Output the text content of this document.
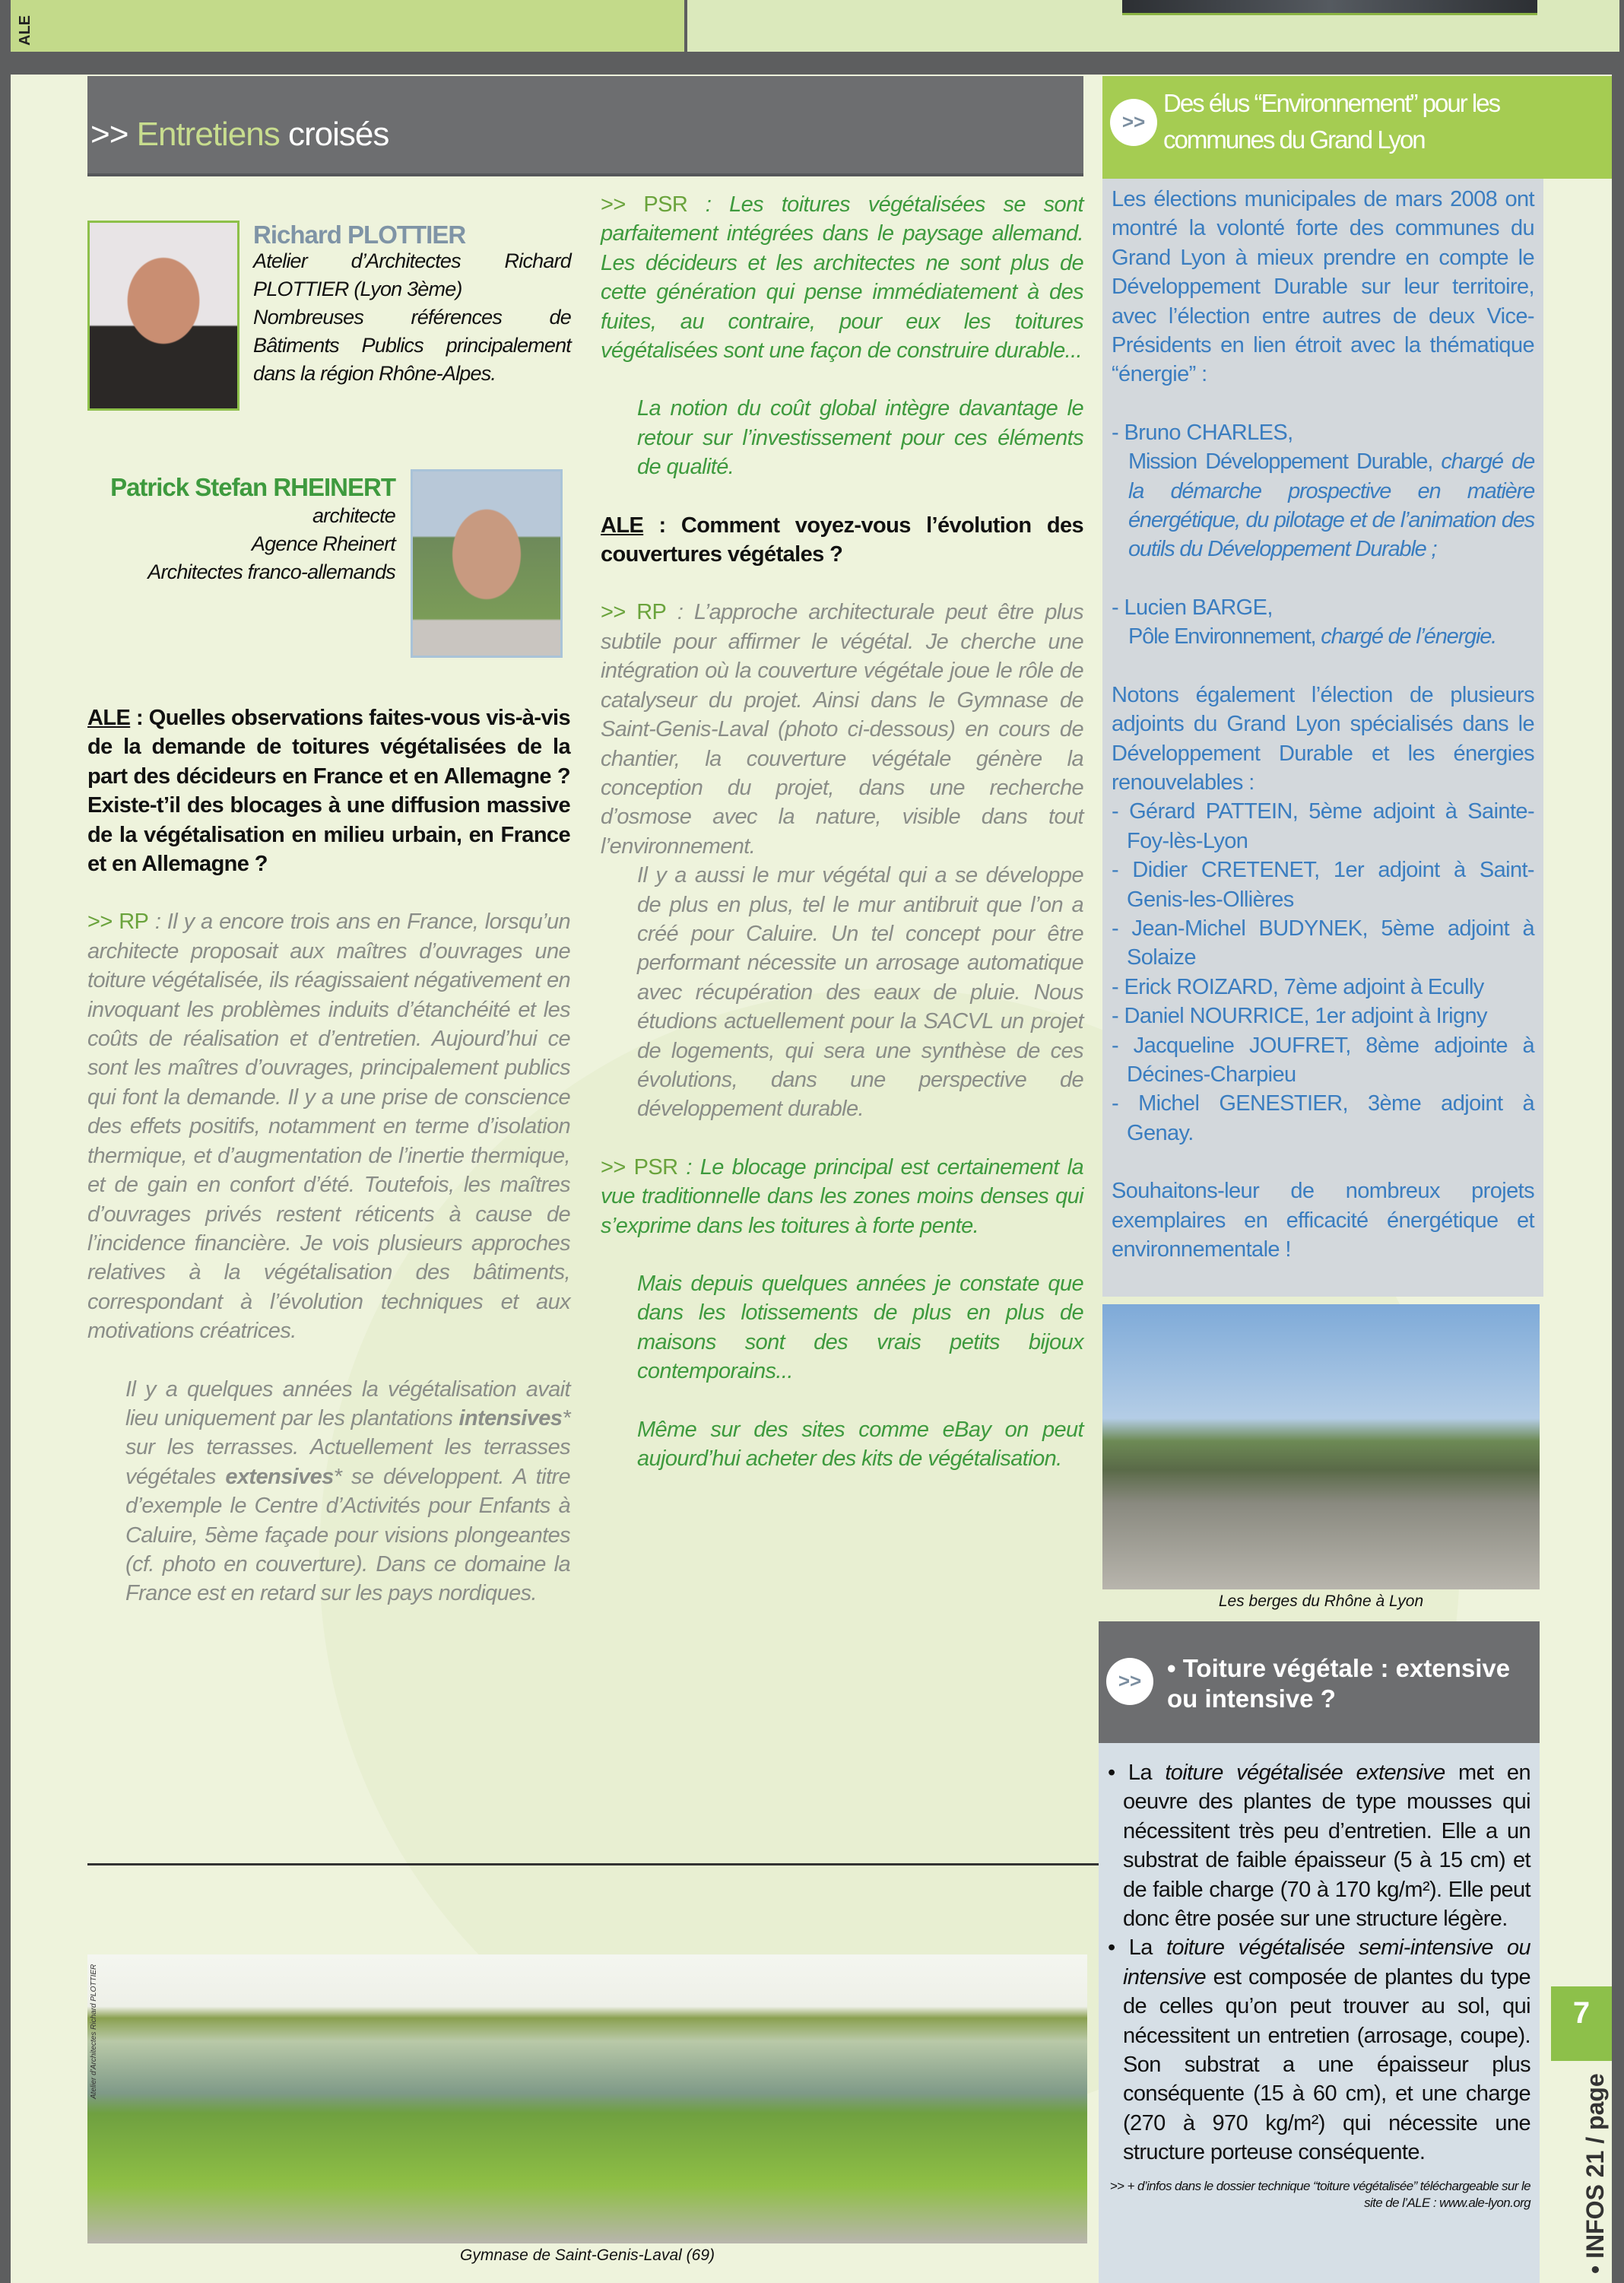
ALE
>> Entretiens croisés	>>
Des élus “Environnement” pour les communes du Grand Lyon
Richard PLOTTIER
Atelier d’Architectes Richard PLOTTIER (Lyon 3ème)
Nombreuses références de Bâtiments Publics principalement dans la région Rhône-Alpes.
Patrick Stefan RHEINERT
architecte
Agence Rheinert
Architectes franco-allemands

ALE : Quelles observations faites-vous vis-à-vis de la demande de toitures végétalisées de la part des décideurs en France et en Allemagne ? Existe-t’il des blocages à une diffusion massive de la végétalisation en milieu urbain, en France et en Allemagne ?

>> RP : Il y a encore trois ans en France, lorsqu’un architecte proposait aux maîtres d’ouvrages une toiture végétalisée, ils réagissaient négativement en invoquant les problèmes induits d’étanchéité et les coûts de réalisation et d’entretien. Aujourd’hui ce sont les maîtres d’ouvrages, principalement publics qui font la demande. Il y a une prise de conscience des effets positifs, notamment en terme d’isolation thermique, et d’augmentation de l’inertie thermique, et de gain en confort d’été. Toutefois, les maîtres d’ouvrages privés restent réticents à cause de l’incidence financière. Je vois plusieurs approches relatives à la végétalisation des bâtiments, correspondant à l’évolution techniques et aux motivations créatrices.

Il y a quelques années la végétalisation avait lieu uniquement par les plantations intensives* sur les terrasses. Actuellement les terrasses végétales extensives* se développent. A titre d’exemple le Centre d’Activités pour Enfants à Caluire, 5ème façade pour visions plongeantes (cf. photo en couverture). Dans ce domaine la France est en retard sur les pays nordiques.

>> PSR : Les toitures végétalisées se sont parfaitement intégrées dans le paysage allemand. Les décideurs et les architectes ne sont plus de cette génération qui pense immédiatement à des fuites, au contraire, pour eux les toitures végétalisées sont une façon de construire durable...

La notion du coût global intègre davantage le retour sur l’investissement pour ces éléments de qualité.

ALE : Comment voyez-vous l’évolution des couvertures végétales ?

>> RP : L’approche architecturale peut être plus subtile pour affirmer le végétal. Je cherche une intégration où la couverture végétale joue le rôle de catalyseur du projet. Ainsi dans le Gymnase de Saint-Genis-Laval (photo ci-dessous) en cours de chantier, la couverture végétale génère la conception du projet, dans une recherche d’osmose avec la nature, visible dans tout l’environnement.

Il y a aussi le mur végétal qui a se développe de plus en plus, tel le mur antibruit que l’on a créé pour Caluire. Un tel concept pour être performant nécessite un arrosage automatique avec récupération des eaux de pluie. Nous étudions actuellement pour la SACVL un projet de logements, qui sera une synthèse de ces évolutions, dans une perspective de développement durable.

>> PSR : Le blocage principal est certainement la vue traditionnelle dans les zones moins denses qui s’exprime dans les toitures à forte pente.

Mais depuis quelques années je constate que dans les lotissements de plus en plus de maisons sont des vrais petits bijoux contemporains...

Même sur des sites comme eBay on peut aujourd’hui acheter des kits de végétalisation.

Les élections municipales de mars 2008 ont montré la volonté forte des communes du Grand Lyon à mieux prendre en compte le Développement Durable sur leur territoire, avec l’élection entre autres de deux Vice-Présidents en lien étroit avec la thématique “énergie” :

- Bruno CHARLES,

Mission Développement Durable, chargé de la démarche prospective en matière énergétique, du pilotage et de l’animation des outils du Développement Durable ;

- Lucien BARGE,

Pôle Environnement, chargé de l’énergie.

Notons également l’élection de plusieurs adjoints du Grand Lyon spécialisés dans le Développement Durable et les énergies renouvelables :

- Gérard PATTEIN, 5ème adjoint à Sainte-Foy-lès-Lyon
- Didier CRETENET, 1er adjoint à Saint-Genis-les-Ollières
- Jean-Michel BUDYNEK, 5ème adjoint à Solaize
- Erick ROIZARD, 7ème adjoint à Ecully
- Daniel NOURRICE, 1er adjoint à Irigny
- Jacqueline JOUFRET, 8ème adjointe à Décines-Charpieu
- Michel GENESTIER, 3ème adjoint à Genay.

Souhaitons-leur de nombreux projets exemplaires en efficacité énergétique et environnementale !

Les berges du Rhône à Lyon
>>	• Toiture végétale : extensive ou intensive ?

• La toiture végétalisée extensive met en oeuvre des plantes de type mousses qui nécessitent très peu d’entretien. Elle a un substrat de faible épaisseur (5 à 15 cm) et de faible charge (70 à 170 kg/m²). Elle peut donc être posée sur une structure légère.

• La toiture végétalisée semi-intensive ou intensive est composée de plantes du type de celles qu’on peut trouver au sol, qui nécessitent un entretien (arrosage, coupe). Son substrat a une épaisseur plus conséquente (15 à 60 cm), et une charge (270 à 970 kg/m²) qui nécessite une structure porteuse conséquente.

>> + d’infos dans le dossier technique “toiture végétalisée” téléchargeable sur le site de l’ALE : www.ale-lyon.org

Atelier d’Architectes Richard PLOTTIER
Gymnase de Saint-Genis-Laval (69)
7
• INFOS 21 / page
